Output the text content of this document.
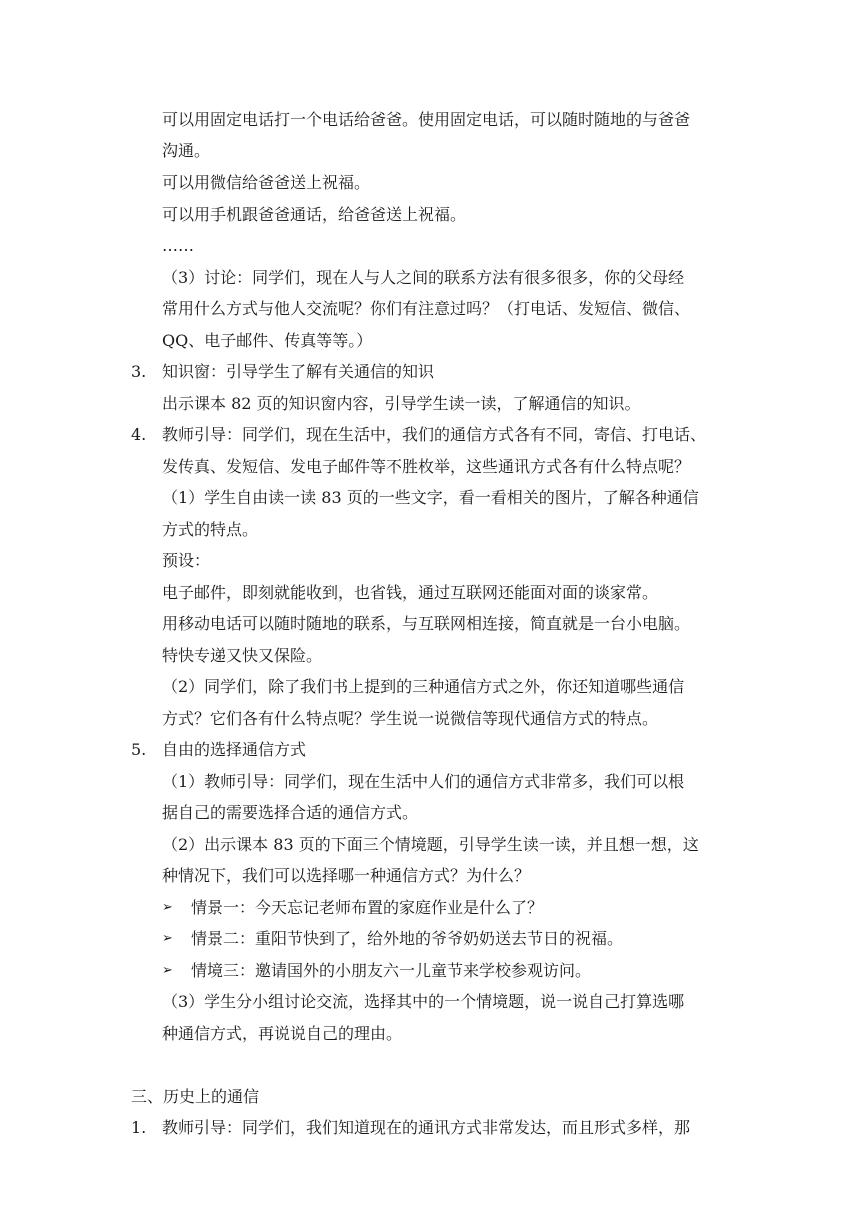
可以用固定电话打一个电话给爸爸。使用固定电话，可以随时随地的与爸爸
沟通。
可以用微信给爸爸送上祝福。
可以用手机跟爸爸通话，给爸爸送上祝福。
……
（3）讨论：同学们，现在人与人之间的联系方法有很多很多，你的父母经
常用什么方式与他人交流呢？你们有注意过吗？（打电话、发短信、微信、
QQ、电子邮件、传真等等。）
3. 知识窗：引导学生了解有关通信的知识
出示课本 82 页的知识窗内容，引导学生读一读，了解通信的知识。
4. 教师引导：同学们，现在生活中，我们的通信方式各有不同，寄信、打电话、
发传真、发短信、发电子邮件等不胜枚举，这些通讯方式各有什么特点呢？
（1）学生自由读一读 83 页的一些文字，看一看相关的图片，了解各种通信
方式的特点。
预设：
电子邮件，即刻就能收到，也省钱，通过互联网还能面对面的谈家常。
用移动电话可以随时随地的联系，与互联网相连接，简直就是一台小电脑。
特快专递又快又保险。
（2）同学们，除了我们书上提到的三种通信方式之外，你还知道哪些通信
方式？它们各有什么特点呢？学生说一说微信等现代通信方式的特点。
5. 自由的选择通信方式
（1）教师引导：同学们，现在生活中人们的通信方式非常多，我们可以根
据自己的需要选择合适的通信方式。
（2）出示课本 83 页的下面三个情境题，引导学生读一读，并且想一想，这
种情况下，我们可以选择哪一种通信方式？为什么？
➢ 情景一：今天忘记老师布置的家庭作业是什么了？
➢ 情景二：重阳节快到了，给外地的爷爷奶奶送去节日的祝福。
➢ 情境三：邀请国外的小朋友六一儿童节来学校参观访问。
（3）学生分小组讨论交流，选择其中的一个情境题，说一说自己打算选哪
种通信方式，再说说自己的理由。
三、历史上的通信
1. 教师引导：同学们，我们知道现在的通讯方式非常发达，而且形式多样，那
